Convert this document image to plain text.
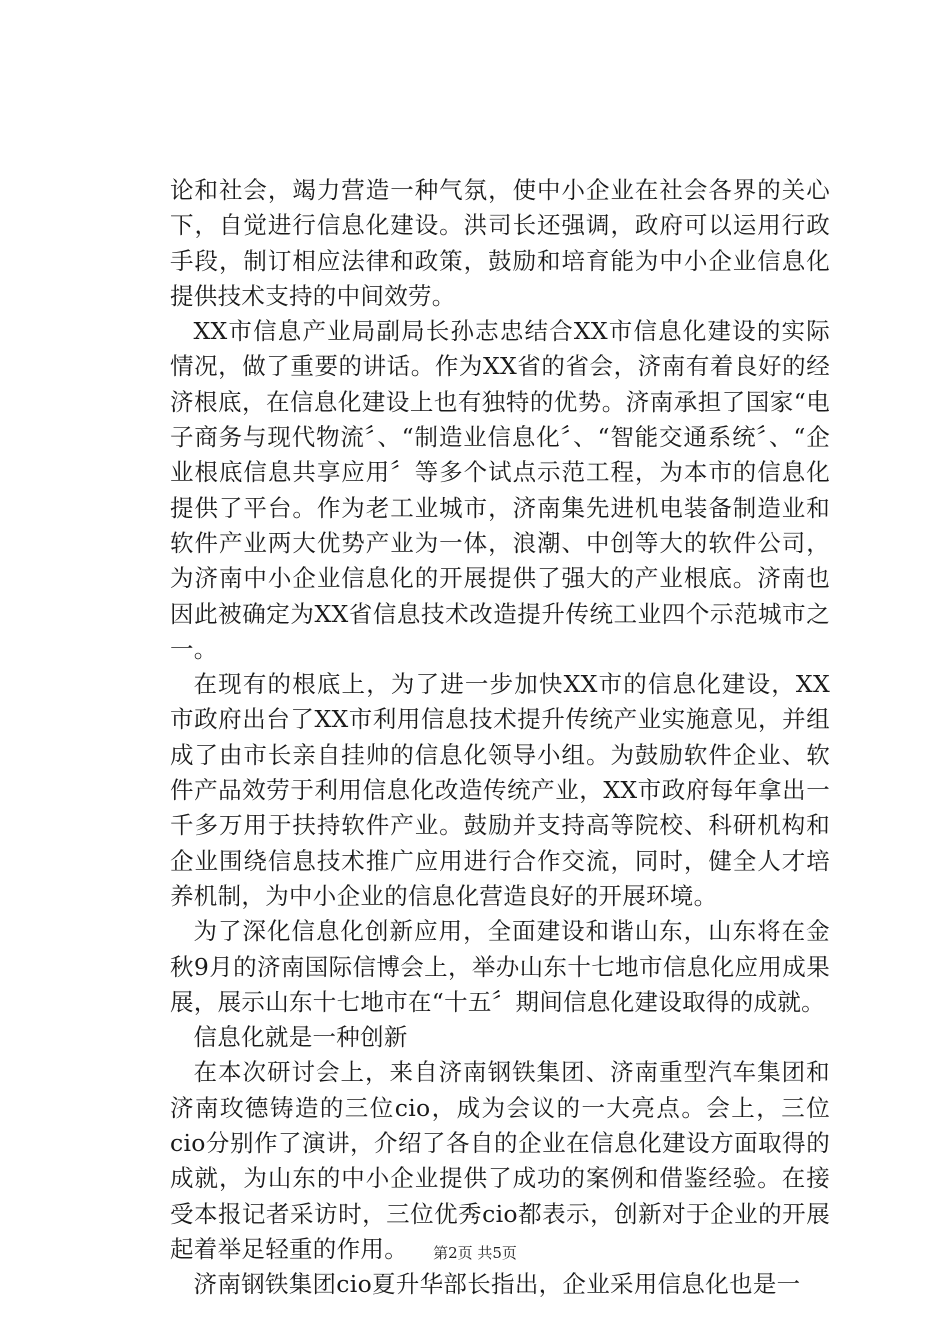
论和社会，竭力营造一种气氛，使中小企业在社会各界的关心下，自觉进行信息化建设。洪司长还强调，政府可以运用行政手段，制订相应法律和政策，鼓励和培育能为中小企业信息化提供技术支持的中间效劳。

XX市信息产业局副局长孙志忠结合XX市信息化建设的实际情况，做了重要的讲话。作为XX省的省会，济南有着良好的经济根底，在信息化建设上也有独特的优势。济南承担了国家“电子商务与现代物流〞、“制造业信息化〞、“智能交通系统〞、“企业根底信息共享应用〞等多个试点示范工程，为本市的信息化提供了平台。作为老工业城市，济南集先进机电装备制造业和软件产业两大优势产业为一体，浪潮、中创等大的软件公司，为济南中小企业信息化的开展提供了强大的产业根底。济南也因此被确定为XX省信息技术改造提升传统工业四个示范城市之一。

在现有的根底上，为了进一步加快XX市的信息化建设，XX市政府出台了XX市利用信息技术提升传统产业实施意见，并组成了由市长亲自挂帅的信息化领导小组。为鼓励软件企业、软件产品效劳于利用信息化改造传统产业，XX市政府每年拿出一千多万用于扶持软件产业。鼓励并支持高等院校、科研机构和企业围绕信息技术推广应用进行合作交流，同时，健全人才培养机制，为中小企业的信息化营造良好的开展环境。

为了深化信息化创新应用，全面建设和谐山东，山东将在金秋9月的济南国际信博会上，举办山东十七地市信息化应用成果展，展示山东十七地市在“十五〞期间信息化建设取得的成就。

信息化就是一种创新

在本次研讨会上，来自济南钢铁集团、济南重型汽车集团和济南玫德铸造的三位cio，成为会议的一大亮点。会上，三位cio分别作了演讲，介绍了各自的企业在信息化建设方面取得的成就，为山东的中小企业提供了成功的案例和借鉴经验。在接受本报记者采访时，三位优秀cio都表示，创新对于企业的开展起着举足轻重的作用。

济南钢铁集团cio夏升华部长指出，企业采用信息化也是一

第2页 共5页
